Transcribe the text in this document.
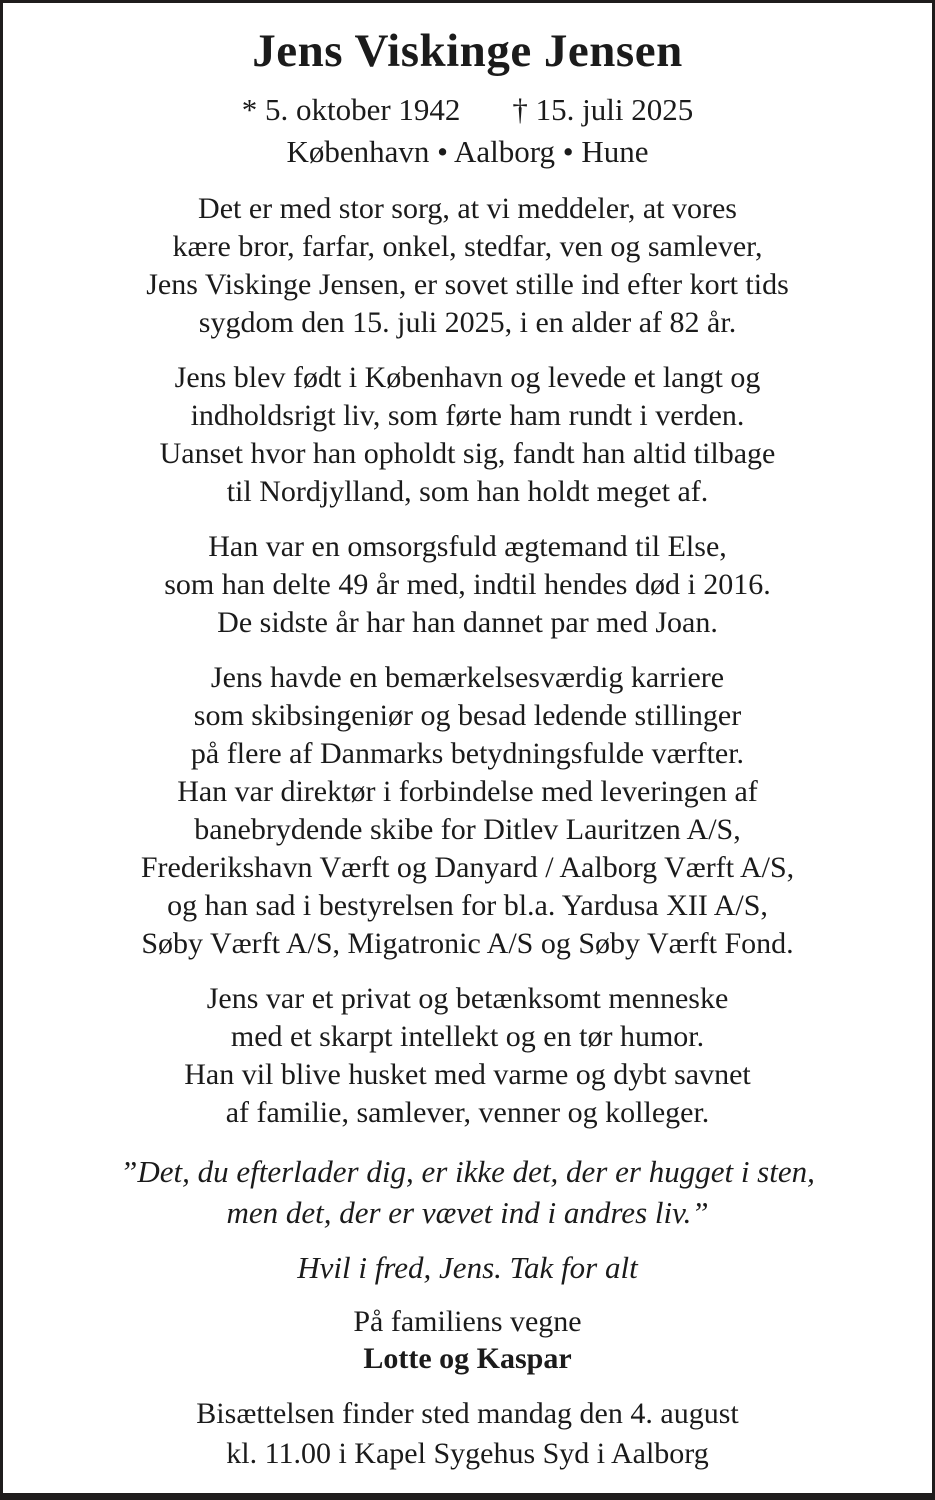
Jens Viskinge Jensen
* 5. oktober 1942 † 15. juli 2025
København • Aalborg • Hune
Det er med stor sorg, at vi meddeler, at vores
kære bror, farfar, onkel, stedfar, ven og samlever,
Jens Viskinge Jensen, er sovet stille ind efter kort tids
sygdom den 15. juli 2025, i en alder af 82 år.
Jens blev født i København og levede et langt og
indholdsrigt liv, som førte ham rundt i verden.
Uanset hvor han opholdt sig, fandt han altid tilbage
til Nordjylland, som han holdt meget af.
Han var en omsorgsfuld ægtemand til Else,
som han delte 49 år med, indtil hendes død i 2016.
De sidste år har han dannet par med Joan.
Jens havde en bemærkelsesværdig karriere
som skibsingeniør og besad ledende stillinger
på flere af Danmarks betydningsfulde værfter.
Han var direktør i forbindelse med leveringen af
banebrydende skibe for Ditlev Lauritzen A/S,
Frederikshavn Værft og Danyard / Aalborg Værft A/S,
og han sad i bestyrelsen for bl.a. Yardusa XII A/S,
Søby Værft A/S, Migatronic A/S og Søby Værft Fond.
Jens var et privat og betænksomt menneske
med et skarpt intellekt og en tør humor.
Han vil blive husket med varme og dybt savnet
af familie, samlever, venner og kolleger.
”Det, du efterlader dig, er ikke det, der er hugget i sten,
men det, der er vævet ind i andres liv.”
Hvil i fred, Jens. Tak for alt
På familiens vegne
Lotte og Kaspar
Bisættelsen finder sted mandag den 4. august
kl. 11.00 i Kapel Sygehus Syd i Aalborg
